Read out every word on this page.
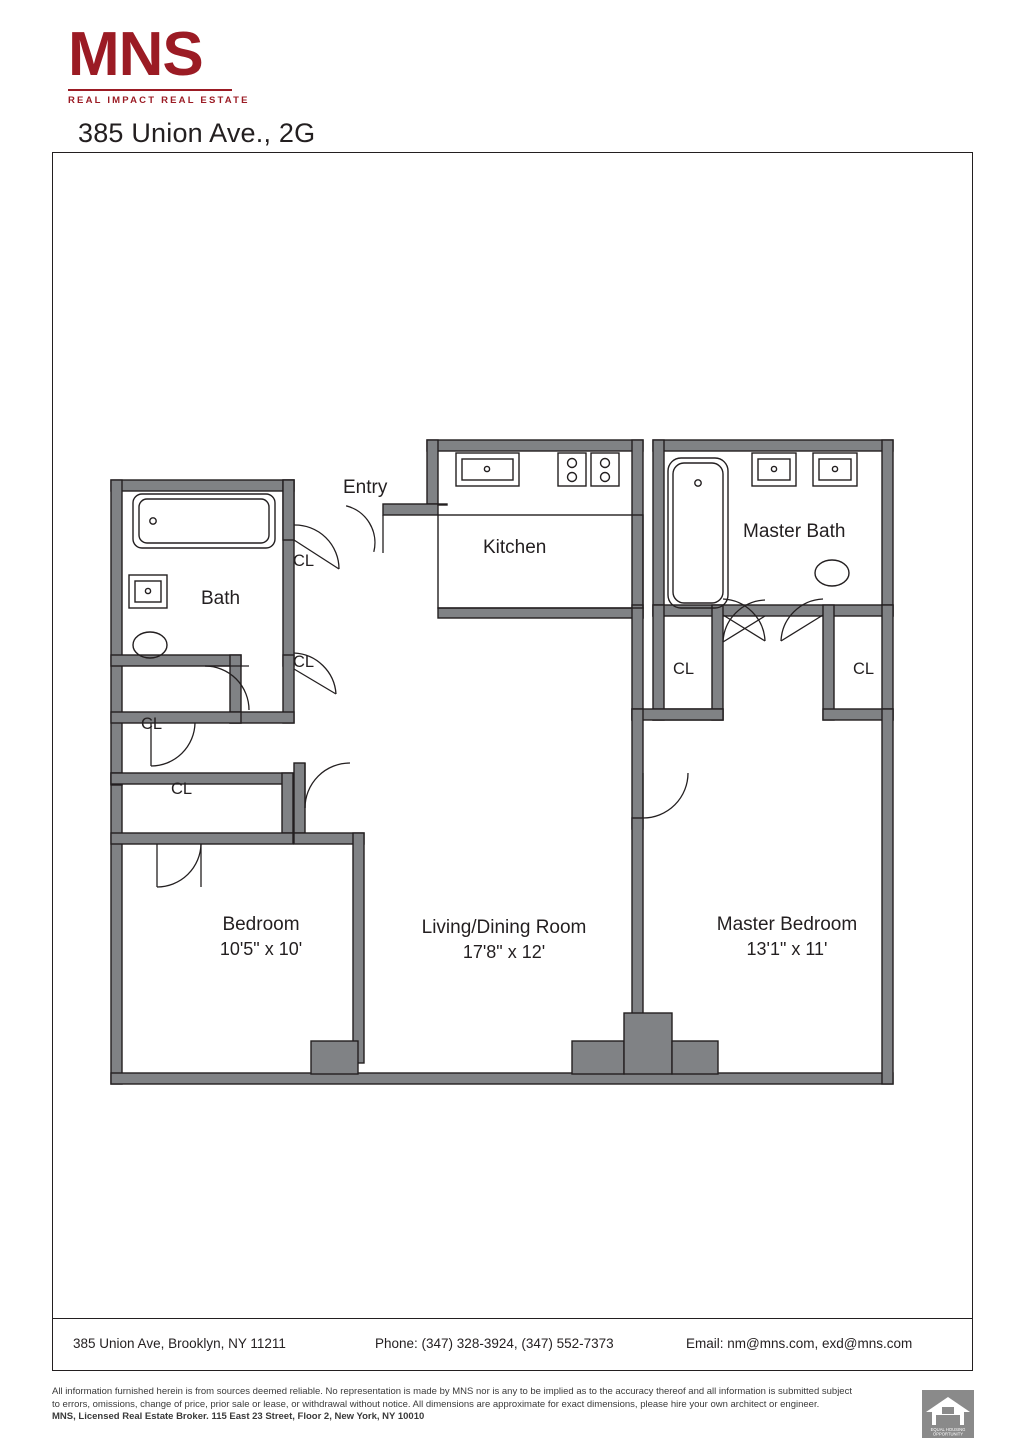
MNS
REAL IMPACT REAL ESTATE
385 Union Ave., 2G
Entry
Kitchen
Bath
Master Bath
Bedroom
10'5" x 10'
Living/Dining Room
17'8" x 12'
Master Bedroom
13'1" x 11'
CL
CL
CL
CL
CL	CL
385 Union Ave, Brooklyn, NY 11211	Phone: (347) 328-3924, (347) 552-7373	Email: nm@mns.com, exd@mns.com
All information furnished herein is from sources deemed reliable. No representation is made by MNS nor is any to be implied as to the accuracy thereof and all information is submitted subject
to errors, omissions, change of price, prior sale or lease, or withdrawal without notice. All dimensions are approximate for exact dimensions, please hire your own architect or engineer.
MNS, Licensed Real Estate Broker. 115 East 23 Street, Floor 2, New York, NY 10010
EQUAL HOUSING
OPPORTUNITY
